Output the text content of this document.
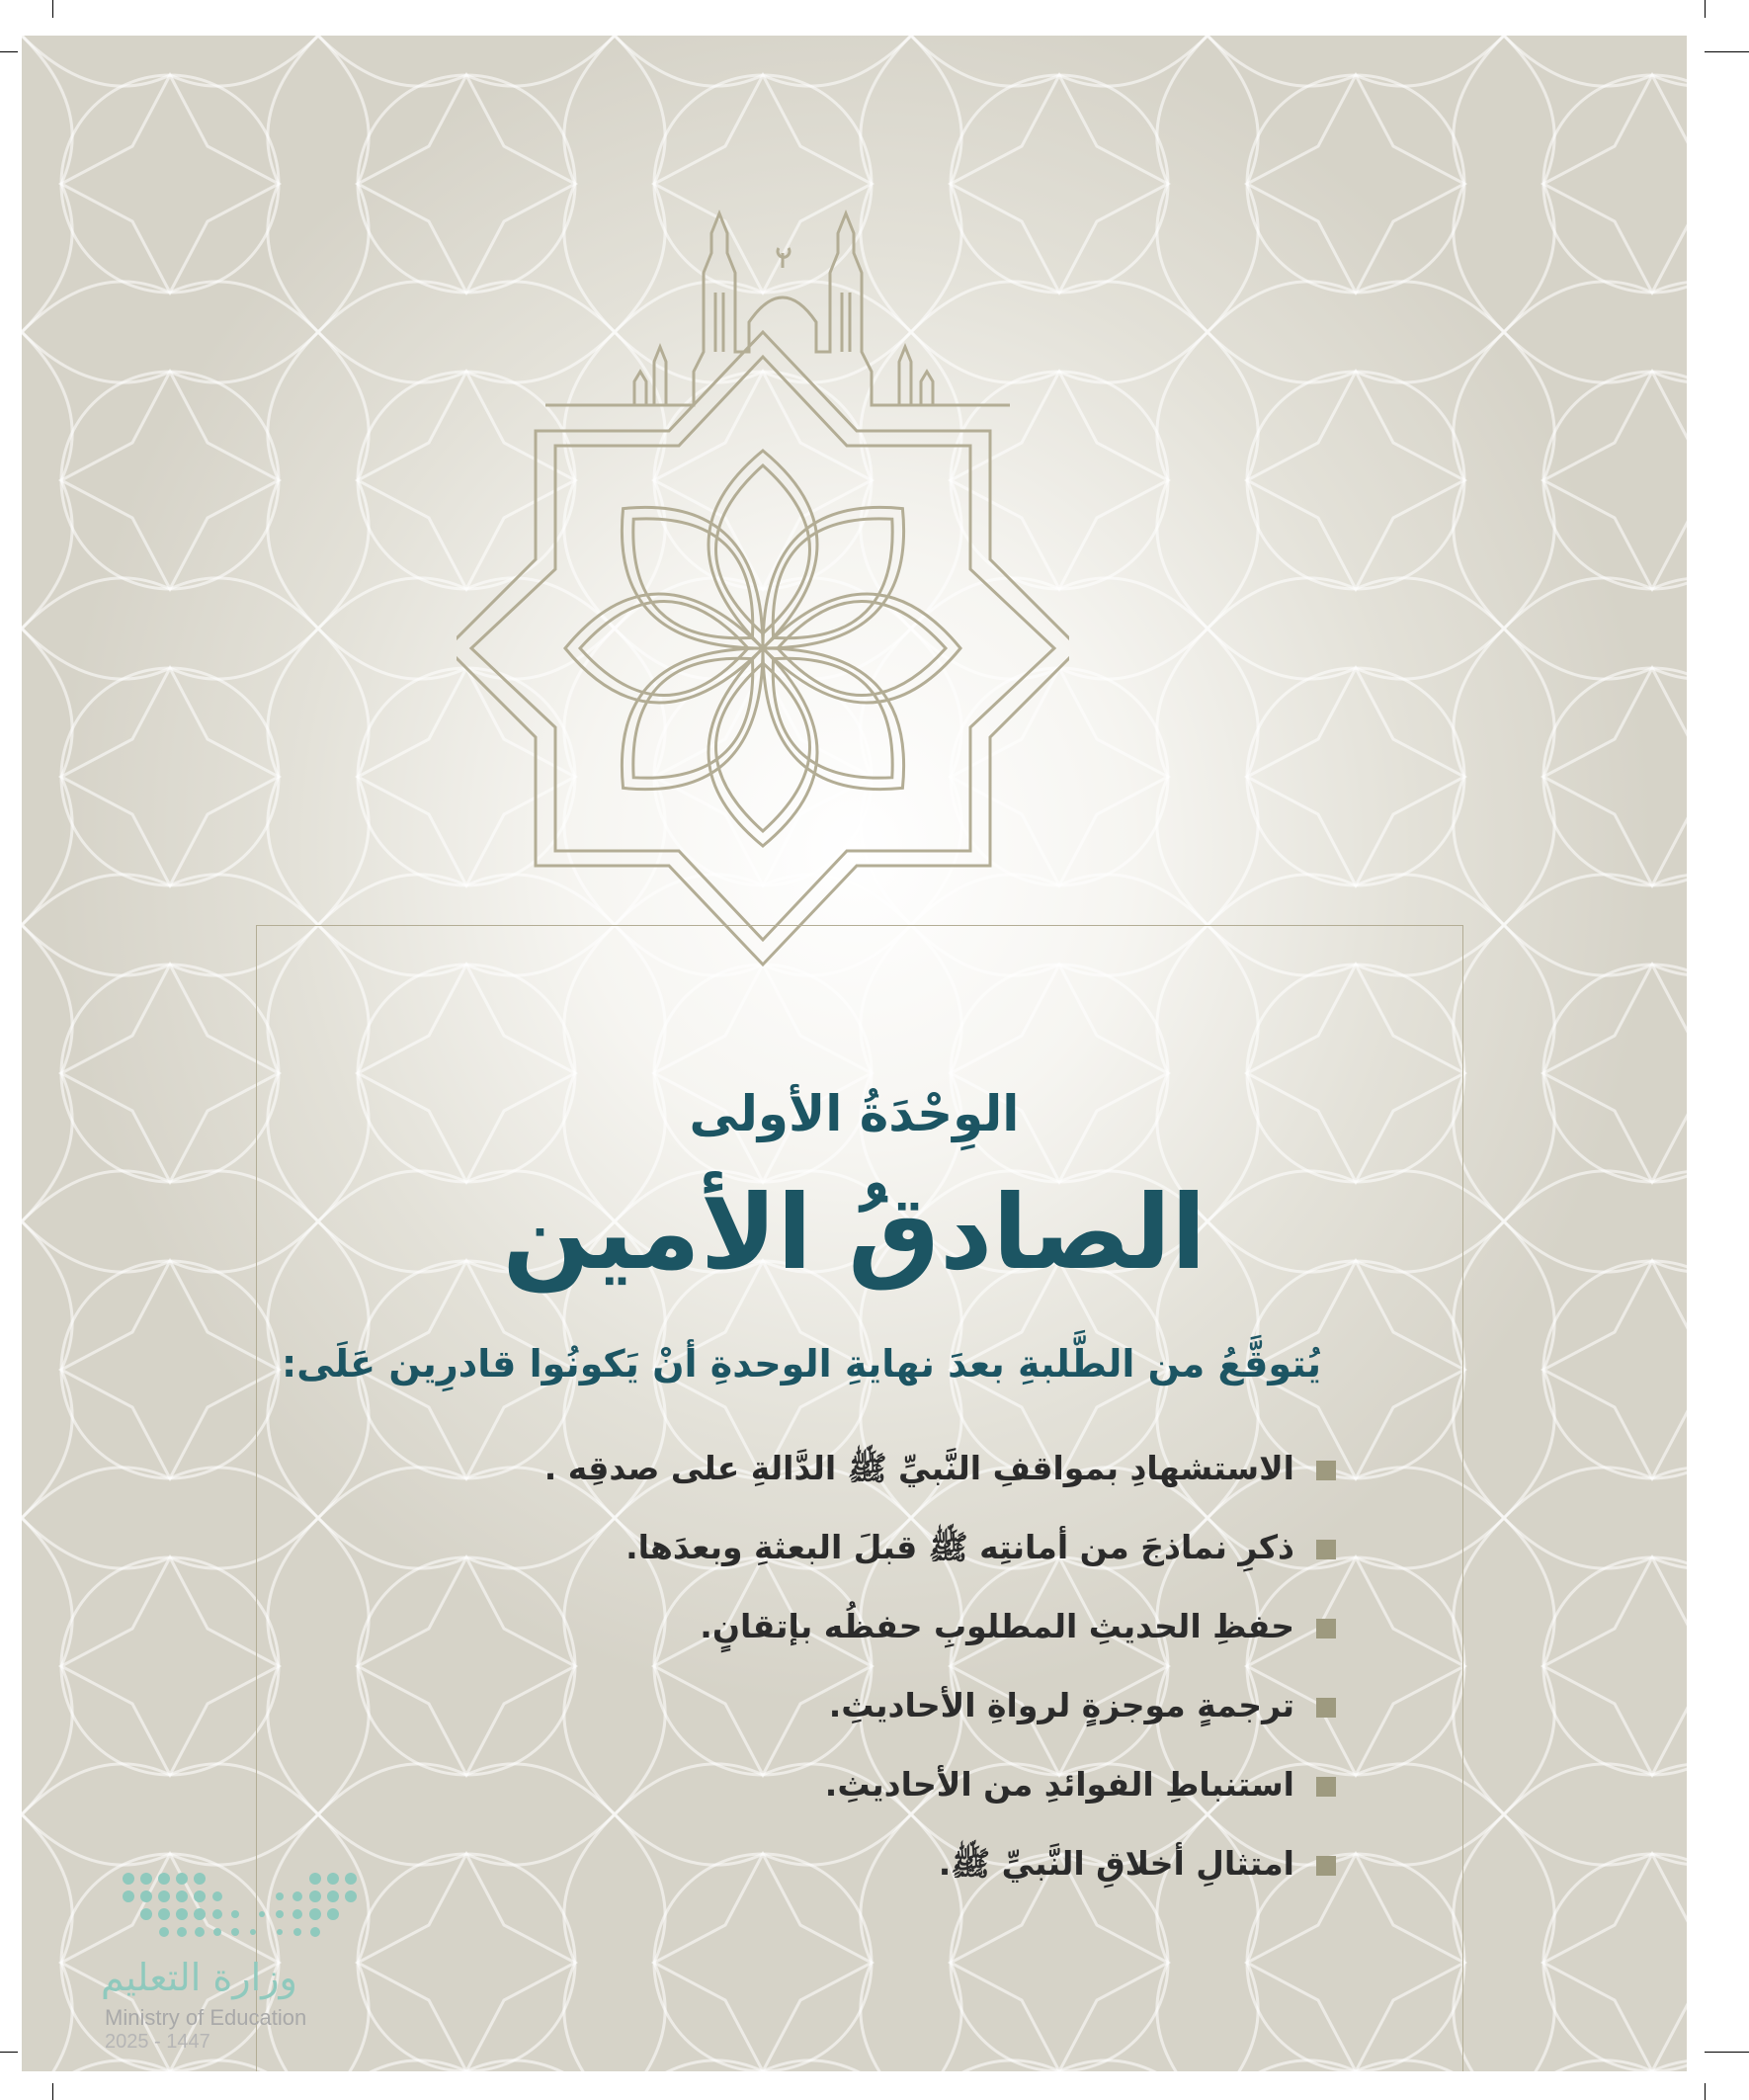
الوِحْدَةُ الأولى
الصادقُ الأمين
يُتوقَّعُ من الطَّلبةِ بعدَ نهايةِ الوحدةِ أنْ يَكونُوا قادرِين عَلَى:
الاستشهادِ بمواقفِ النَّبيِّ ﷺ الدَّالةِ على صدقِه .
ذكرِ نماذجَ من أمانتِه ﷺ قبلَ البعثةِ وبعدَها.
حفظِ الحديثِ المطلوبِ حفظُه بإتقانٍ.
ترجمةٍ موجزةٍ لرواةِ الأحاديثِ.
استنباطِ الفوائدِ من الأحاديثِ.
امتثالِ أخلاقِ النَّبيِّ ﷺ.
وزارة التعليم
Ministry of Education
2025 - 1447
